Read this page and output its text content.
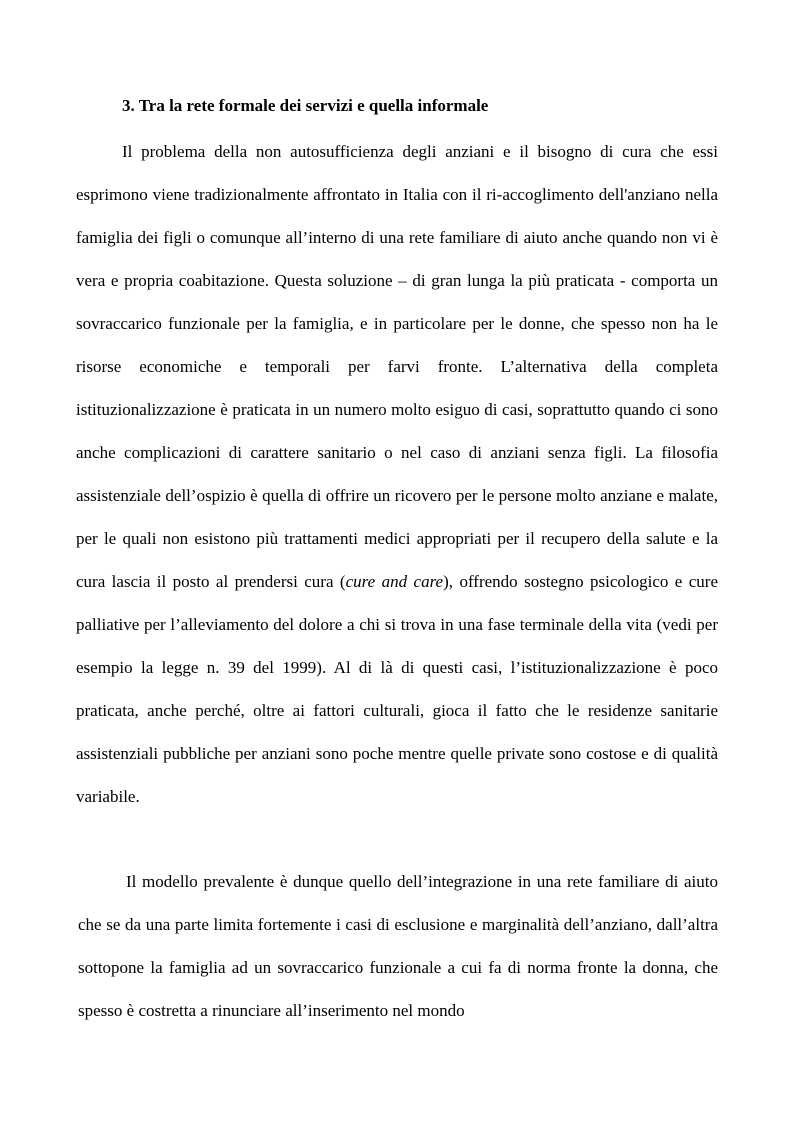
3. Tra la rete formale dei servizi e quella informale

Il problema della non autosufficienza degli anziani e il bisogno di cura che essi esprimono viene tradizionalmente affrontato in Italia con il ri-accoglimento dell'anziano nella famiglia dei figli o comunque all’interno di una rete familiare di aiuto anche quando non vi è vera e propria coabitazione. Questa soluzione – di gran lunga la più praticata - comporta un sovraccarico funzionale per la famiglia, e in particolare per le donne, che spesso non ha le risorse economiche e temporali per farvi fronte. L’alternativa della completa istituzionalizzazione è praticata in un numero molto esiguo di casi, soprattutto quando ci sono anche complicazioni di carattere sanitario o nel caso di anziani senza figli. La filosofia assistenziale dell’ospizio è quella di offrire un ricovero per le persone molto anziane e malate, per le quali non esistono più trattamenti medici appropriati per il recupero della salute e la cura lascia il posto al prendersi cura (cure and care), offrendo sostegno psicologico e cure palliative per l’alleviamento del dolore a chi si trova in una fase terminale della vita (vedi per esempio la legge n. 39 del 1999). Al di là di questi casi, l’istituzionalizzazione è poco praticata, anche perché, oltre ai fattori culturali, gioca il fatto che le residenze sanitarie assistenziali pubbliche per anziani sono poche mentre quelle private sono costose e di qualità variabile.

Il modello prevalente è dunque quello dell’integrazione in una rete familiare di aiuto che se da una parte limita fortemente i casi di esclusione e marginalità dell’anziano, dall’altra sottopone la famiglia ad un sovraccarico funzionale a cui fa di norma fronte la donna, che spesso è costretta a rinunciare all’inserimento nel mondo
